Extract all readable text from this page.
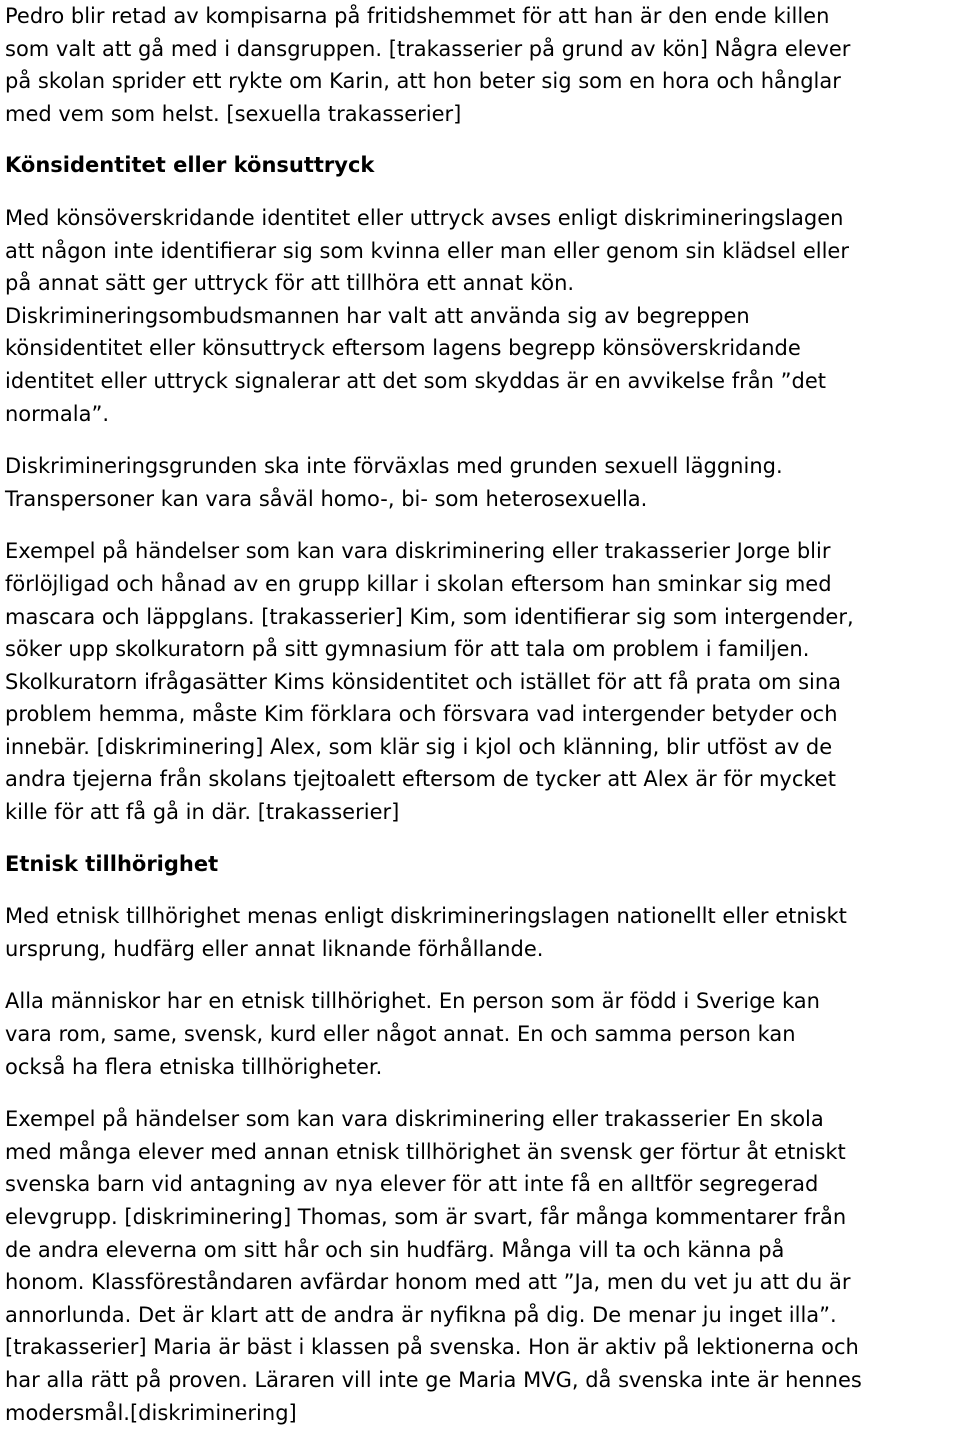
Pedro blir retad av kompisarna på fritidshemmet för att han är den ende killen
som valt att gå med i dansgruppen. [trakasserier på grund av kön] Några elever
på skolan sprider ett rykte om Karin, att hon beter sig som en hora och hånglar
med vem som helst. [sexuella trakasserier]

Könsidentitet eller könsuttryck

Med könsöverskridande identitet eller uttryck avses enligt diskrimineringslagen
att någon inte identifierar sig som kvinna eller man eller genom sin klädsel eller
på annat sätt ger uttryck för att tillhöra ett annat kön.
Diskrimineringsombudsmannen har valt att använda sig av begreppen
könsidentitet eller könsuttryck eftersom lagens begrepp könsöverskridande
identitet eller uttryck signalerar att det som skyddas är en avvikelse från ”det
normala”.

Diskrimineringsgrunden ska inte förväxlas med grunden sexuell läggning.
Transpersoner kan vara såväl homo-, bi- som heterosexuella.

Exempel på händelser som kan vara diskriminering eller trakasserier Jorge blir
förlöjligad och hånad av en grupp killar i skolan eftersom han sminkar sig med
mascara och läppglans. [trakasserier] Kim, som identifierar sig som intergender,
söker upp skolkuratorn på sitt gymnasium för att tala om problem i familjen.
Skolkuratorn ifrågasätter Kims könsidentitet och istället för att få prata om sina
problem hemma, måste Kim förklara och försvara vad intergender betyder och
innebär. [diskriminering] Alex, som klär sig i kjol och klänning, blir utföst av de
andra tjejerna från skolans tjejtoalett eftersom de tycker att Alex är för mycket
kille för att få gå in där. [trakasserier]

Etnisk tillhörighet

Med etnisk tillhörighet menas enligt diskrimineringslagen nationellt eller etniskt
ursprung, hudfärg eller annat liknande förhållande.

Alla människor har en etnisk tillhörighet. En person som är född i Sverige kan
vara rom, same, svensk, kurd eller något annat. En och samma person kan
också ha flera etniska tillhörigheter.

Exempel på händelser som kan vara diskriminering eller trakasserier En skola
med många elever med annan etnisk tillhörighet än svensk ger förtur åt etniskt
svenska barn vid antagning av nya elever för att inte få en alltför segregerad
elevgrupp. [diskriminering] Thomas, som är svart, får många kommentarer från
de andra eleverna om sitt hår och sin hudfärg. Många vill ta och känna på
honom. Klassföreståndaren avfärdar honom med att ”Ja, men du vet ju att du är
annorlunda. Det är klart att de andra är nyfikna på dig. De menar ju inget illa”.
[trakasserier] Maria är bäst i klassen på svenska. Hon är aktiv på lektionerna och
har alla rätt på proven. Läraren vill inte ge Maria MVG, då svenska inte är hennes
modersmål.[diskriminering]
